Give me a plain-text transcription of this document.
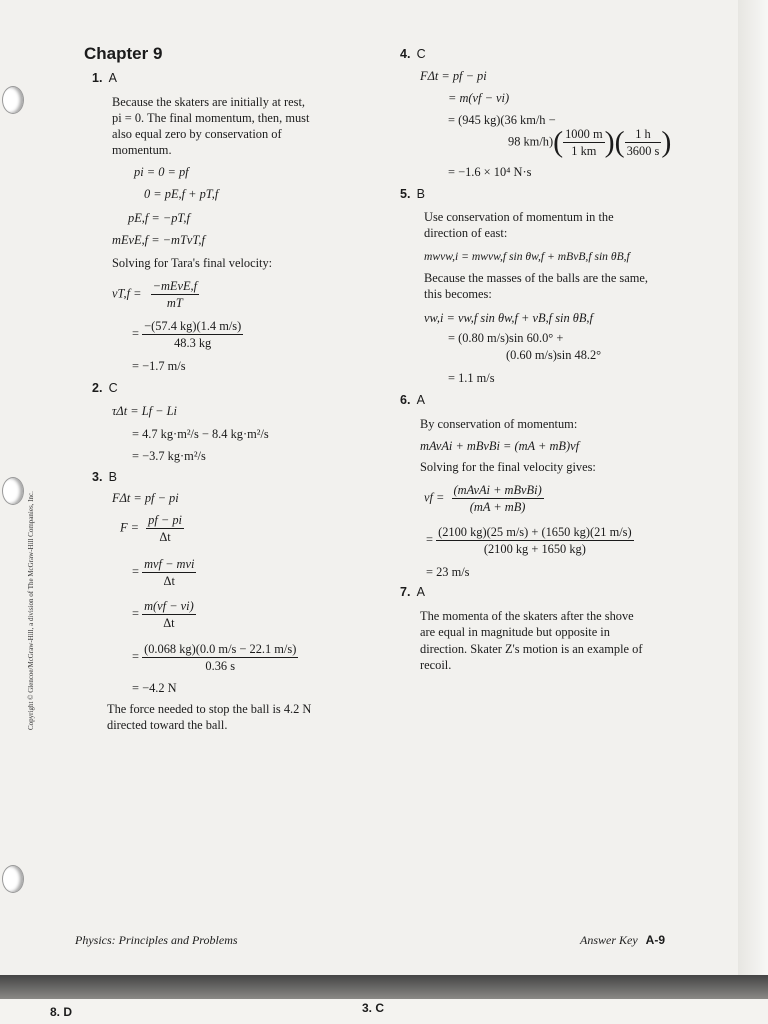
Copyright © Glencoe/McGraw-Hill, a division of The McGraw-Hill Companies, Inc.
Chapter 9
1. A
Because the skaters are initially at rest,
pi = 0. The final momentum, then, must
also equal zero by conservation of
momentum.
pi = 0 = pf
0 = pE,f + pT,f
pE,f = −pT,f
mEvE,f = −mTvT,f
Solving for Tara's final velocity:
$vT,f = \frac{\text{−mEvE,f}}{mT}$
= $\frac{-(57.4 kg)(1.4 m/s)}{48.3 kg}$
= −1.7 m/s
2. C
τΔt = Lf − Li
= 4.7 kg·m²/s − 8.4 kg·m²/s
= −3.7 kg·m²/s
3. B
FΔt = pf − pi
$F = \frac{pf - pi}{\Delta t}$
= $\frac{\text{mvf − mvi}}{\Delta t}$
= $\frac{m(vf - vi)}{\Delta t}$
= $\frac{(0.068 kg)(0.0 m/s - 22.1 m/s)}{0.36 s}$
= −4.2 N
The force needed to stop the ball is 4.2 N
directed toward the ball.
4. C
FΔt = pf − pi
= m(vf − vi)
= (945 kg)(36 km/h −
98 $km/h)( \frac{1000 m}{1 km}$ )( $\frac{1 h}{3600 s}$ )
= −1.6 × 10⁴ N·s
5. B
Use conservation of momentum in the
direction of east:
mwvw,i = mwvw,f sin θw,f + mBvB,f sin θB,f
Because the masses of the balls are the same,
this becomes:
vw,i = vw,f sin θw,f + vB,f sin θB,f
= (0.80 m/s)sin 60.0° +
(0.60 m/s)sin 48.2°
= 1.1 m/s
6. A
By conservation of momentum:
mAvAi + mBvBi = (mA + mB)vf
Solving for the final velocity gives:
vf = $\frac{\text{(mAvAi + mBvBi)}}{(mA + mB)}$
= $\frac{(2100 kg)(25 m/s) + (1650 kg)(21 m/s)}{(2100 kg + 1650 kg)}$
= 23 m/s
7. A
The momenta of the skaters after the shove
are equal in magnitude but opposite in
direction. Skater Z's motion is an example of
recoil.
Physics: Principles and Problems	Answer Key A-9
8. D	3. C
